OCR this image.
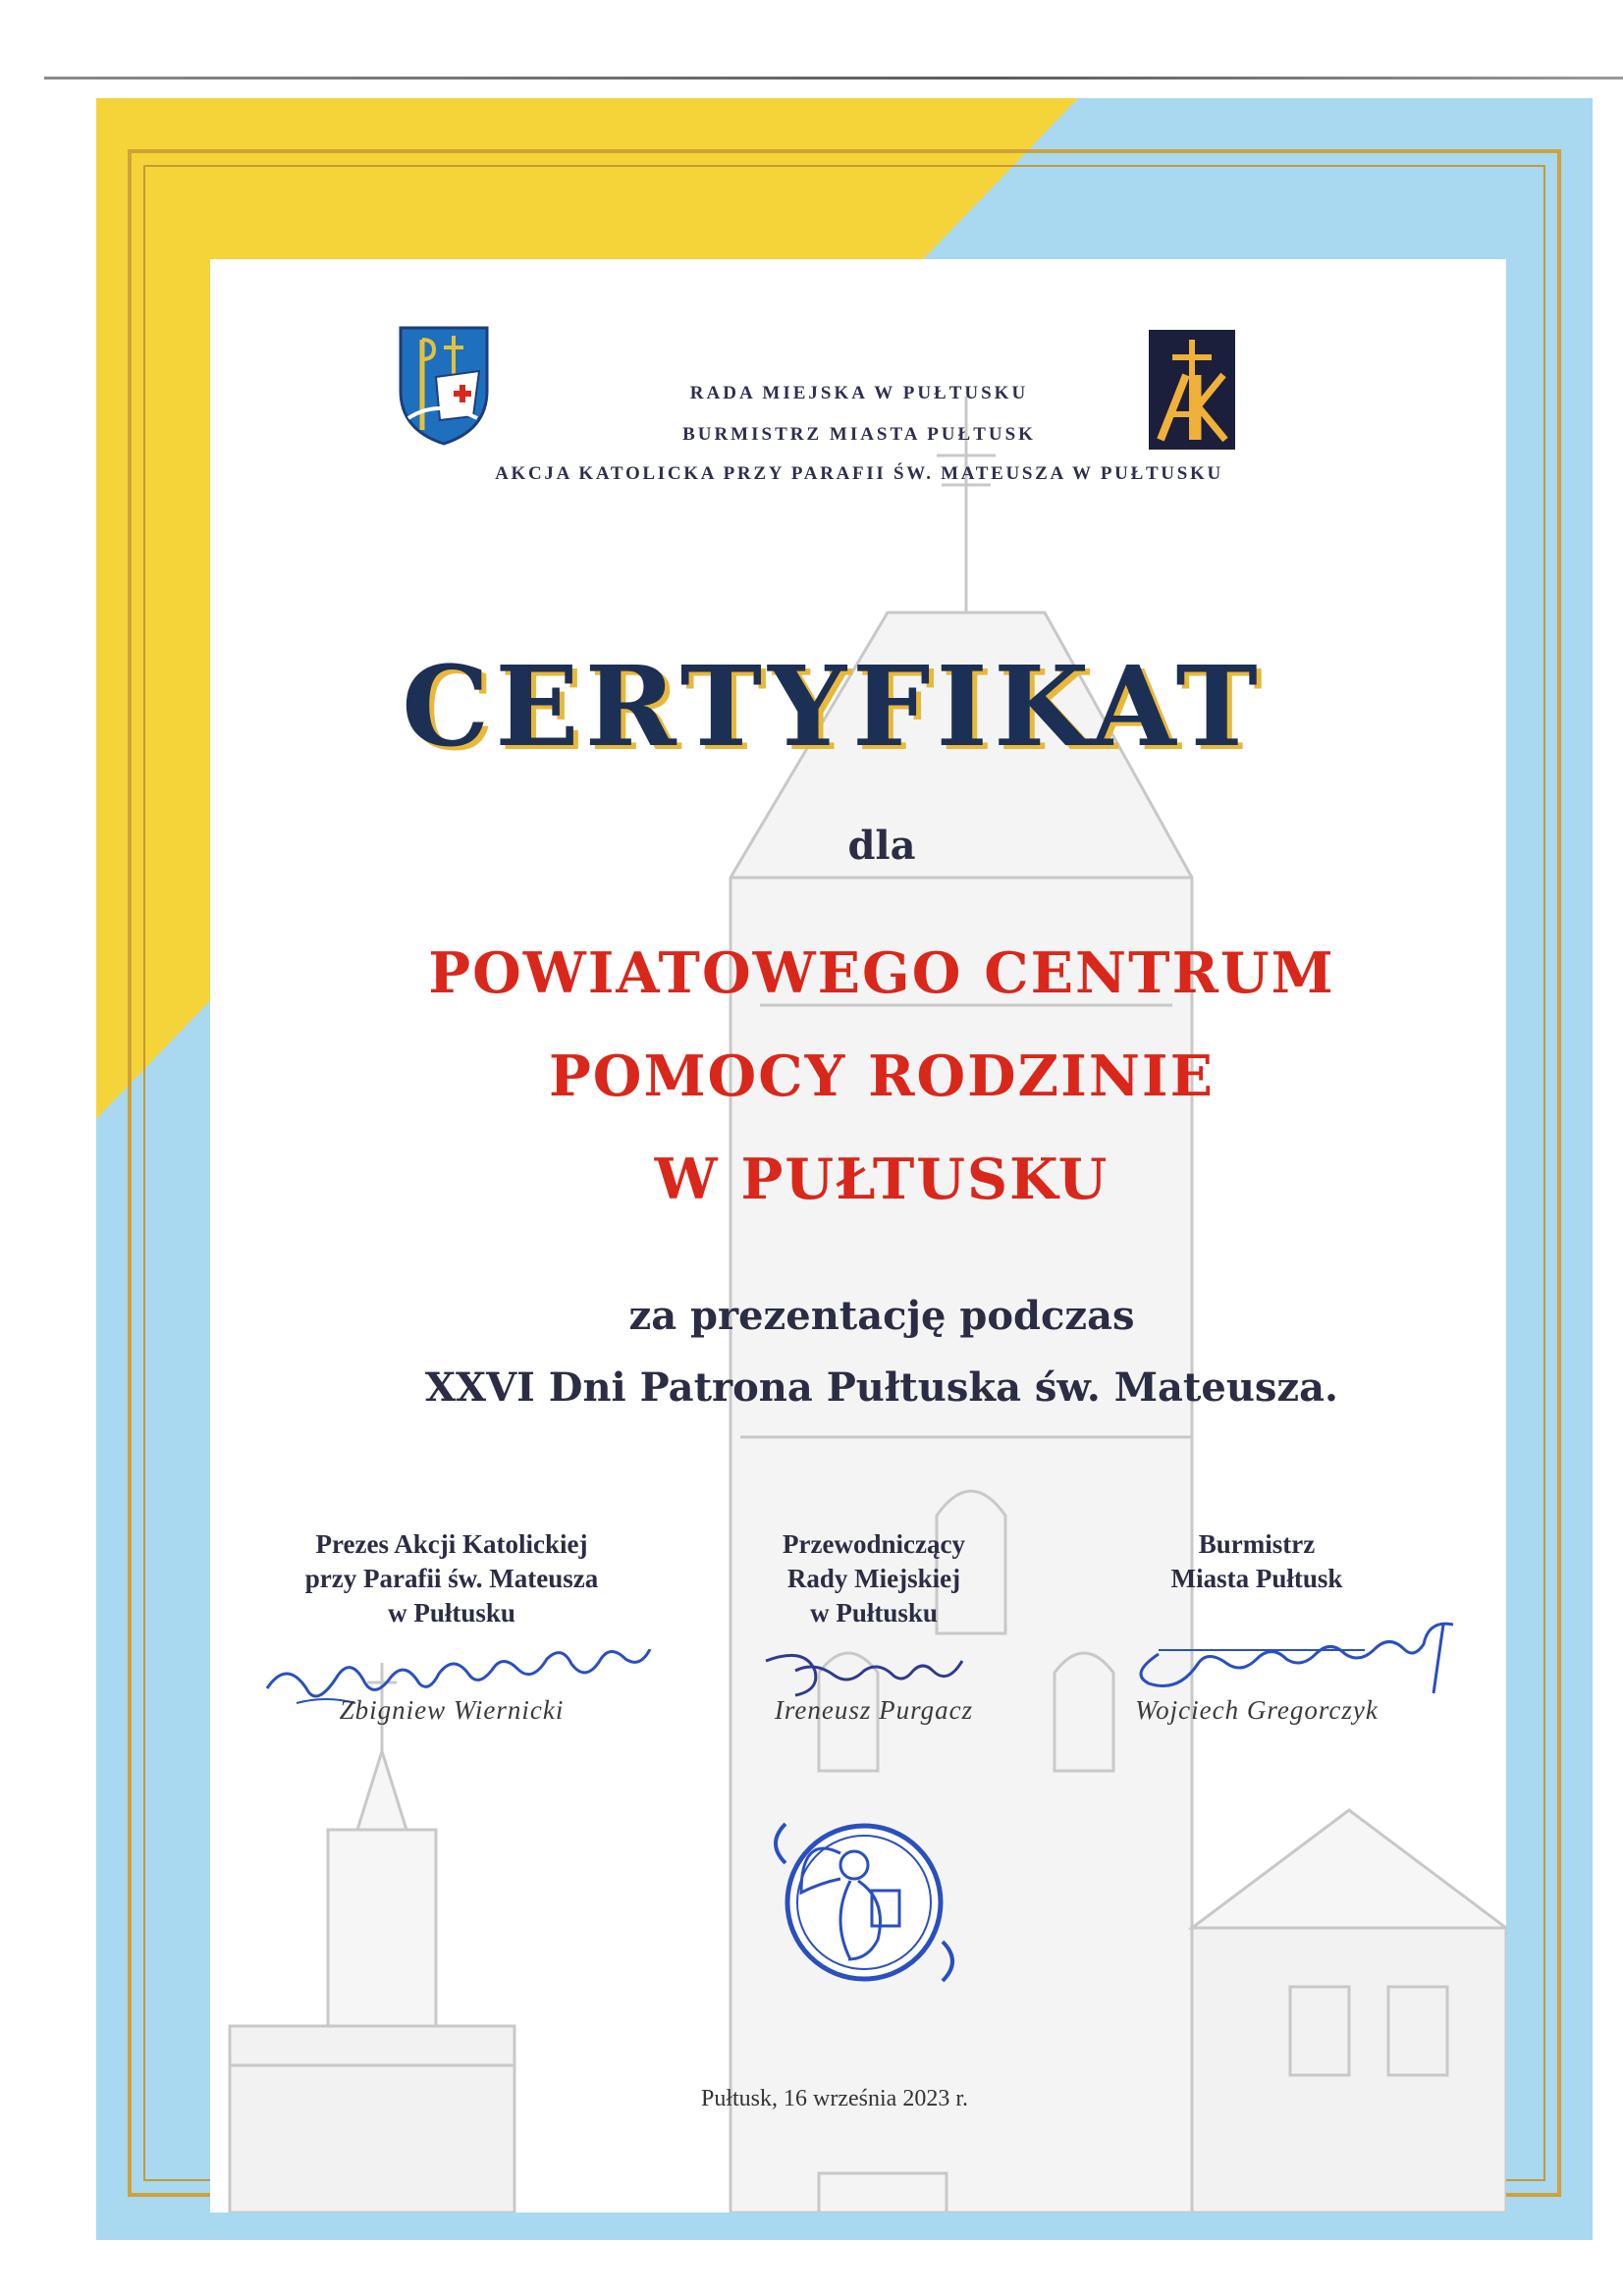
RADA MIEJSKA W PUŁTUSKU
BURMISTRZ MIASTA PUŁTUSK
AKCJA KATOLICKA PRZY PARAFII ŚW. MATEUSZA W PUŁTUSKU
CERTYFIKAT
dla
POWIATOWEGO CENTRUM
POMOCY RODZINIE
W PUŁTUSKU
za prezentację podczas
XXVI Dni Patrona Pułtuska św. Mateusza.
Prezes Akcji Katolickiej
przy Parafii św. Mateusza
w Pułtusku
Przewodniczący
Rady Miejskiej
w Pułtusku
Burmistrz
Miasta Pułtusk
Zbigniew Wiernicki	Ireneusz Purgacz	Wojciech Gregorczyk
Pułtusk, 16 września 2023 r.
